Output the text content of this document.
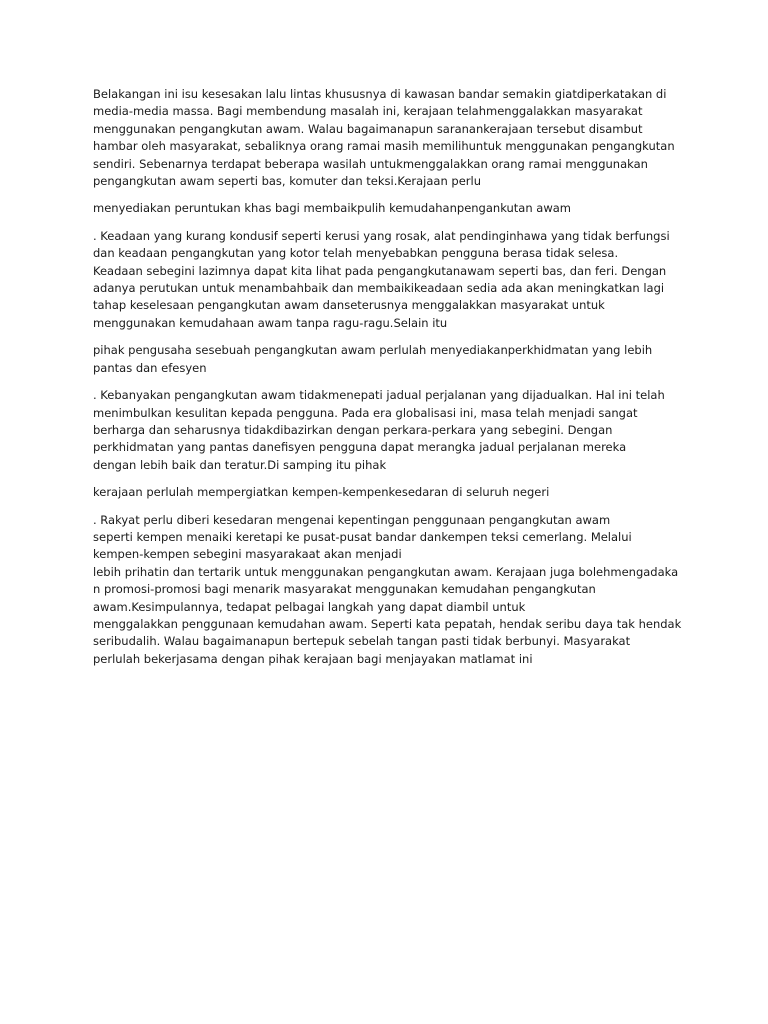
Belakangan ini isu kesesakan lalu lintas khususnya di kawasan bandar semakin giatdiperkatakan di
media-media massa. Bagi membendung masalah ini, kerajaan telahmenggalakkan masyarakat
menggunakan pengangkutan awam. Walau bagaimanapun saranankerajaan tersebut disambut
hambar oleh masyarakat, sebaliknya orang ramai masih memilihuntuk menggunakan pengangkutan
sendiri. Sebenarnya terdapat beberapa wasilah untukmenggalakkan orang ramai menggunakan
pengangkutan awam seperti bas, komuter dan teksi.Kerajaan perlu
menyediakan peruntukan khas bagi membaikpulih kemudahanpengankutan awam
. Keadaan yang kurang kondusif seperti kerusi yang rosak, alat pendinginhawa yang tidak berfungsi
dan keadaan pengangkutan yang kotor telah menyebabkan pengguna berasa tidak selesa.
Keadaan sebegini lazimnya dapat kita lihat pada pengangkutanawam seperti bas, dan feri. Dengan
adanya perutukan untuk menambahbaik dan membaikikeadaan sedia ada akan meningkatkan lagi
tahap keselesaan pengangkutan awam danseterusnya menggalakkan masyarakat untuk
menggunakan kemudahaan awam tanpa ragu-ragu.Selain itu
pihak pengusaha sesebuah pengangkutan awam perlulah menyediakanperkhidmatan yang lebih
pantas dan efesyen
. Kebanyakan pengangkutan awam tidakmenepati jadual perjalanan yang dijadualkan. Hal ini telah
menimbulkan kesulitan kepada pengguna. Pada era globalisasi ini, masa telah menjadi sangat
berharga dan seharusnya tidakdibazirkan dengan perkara-perkara yang sebegini. Dengan
perkhidmatan yang pantas danefisyen pengguna dapat merangka jadual perjalanan mereka
dengan lebih baik dan teratur.Di samping itu pihak
kerajaan perlulah mempergiatkan kempen-kempenkesedaran di seluruh negeri
. Rakyat perlu diberi kesedaran mengenai kepentingan penggunaan pengangkutan awam
seperti kempen menaiki keretapi ke pusat-pusat bandar dankempen teksi cemerlang. Melalui
kempen-kempen sebegini masyarakaat akan menjadi
lebih prihatin dan tertarik untuk menggunakan pengangkutan awam. Kerajaan juga bolehmengadaka
n promosi-promosi bagi menarik masyarakat menggunakan kemudahan pengangkutan
awam.Kesimpulannya, tedapat pelbagai langkah yang dapat diambil untuk
menggalakkan penggunaan kemudahan awam. Seperti kata pepatah, hendak seribu daya tak hendak
seribudalih. Walau bagaimanapun bertepuk sebelah tangan pasti tidak berbunyi. Masyarakat
perlulah bekerjasama dengan pihak kerajaan bagi menjayakan matlamat ini
